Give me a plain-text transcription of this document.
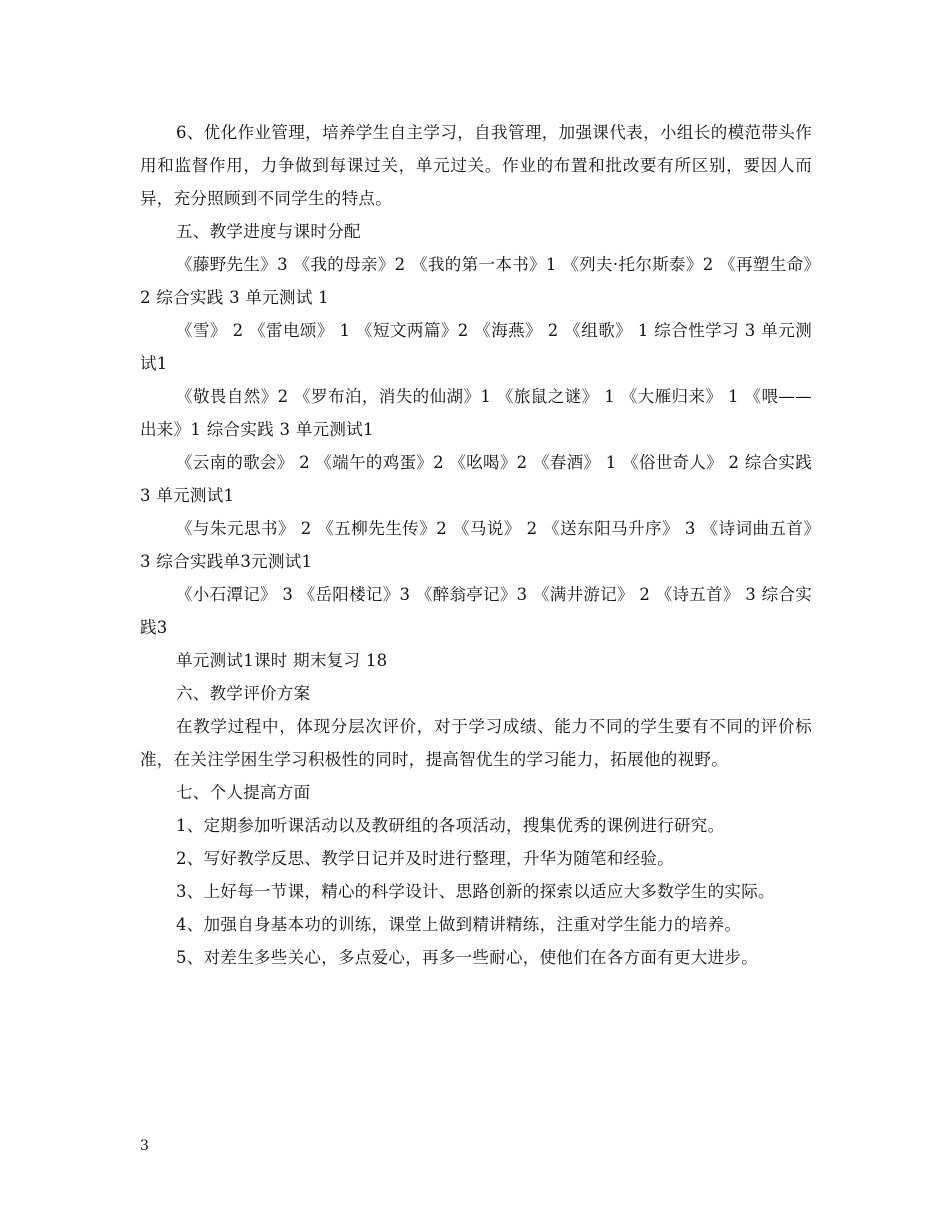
6、优化作业管理，培养学生自主学习，自我管理，加强课代表，小组长的模范带头作用和监督作用，力争做到每课过关，单元过关。作业的布置和批改要有所区别，要因人而异，充分照顾到不同学生的特点。

五、教学进度与课时分配

《藤野先生》3 《我的母亲》2 《我的第一本书》1 《列夫·托尔斯泰》2 《再塑生命》2 综合实践 3 单元测试 1

《雪》 2 《雷电颂》 1 《短文两篇》2 《海燕》 2 《组歌》 1 综合性学习 3 单元测试1

《敬畏自然》2 《罗布泊，消失的仙湖》1 《旅鼠之谜》 1 《大雁归来》 1 《喂——出来》1 综合实践 3 单元测试1

《云南的歌会》 2 《端午的鸡蛋》2 《吆喝》2 《春酒》 1 《俗世奇人》 2 综合实践 3 单元测试1

《与朱元思书》 2 《五柳先生传》2 《马说》 2 《送东阳马升序》 3 《诗词曲五首》3 综合实践单3元测试1

《小石潭记》 3 《岳阳楼记》3 《醉翁亭记》3 《满井游记》 2 《诗五首》 3 综合实践3

单元测试1课时 期末复习 18

六、教学评价方案

在教学过程中，体现分层次评价，对于学习成绩、能力不同的学生要有不同的评价标准，在关注学困生学习积极性的同时，提高智优生的学习能力，拓展他的视野。

七、个人提高方面

1、定期参加听课活动以及教研组的各项活动，搜集优秀的课例进行研究。

2、写好教学反思、教学日记并及时进行整理，升华为随笔和经验。

3、上好每一节课，精心的科学设计、思路创新的探索以适应大多数学生的实际。

4、加强自身基本功的训练，课堂上做到精讲精练，注重对学生能力的培养。

5、对差生多些关心，多点爱心，再多一些耐心，使他们在各方面有更大进步。

3
